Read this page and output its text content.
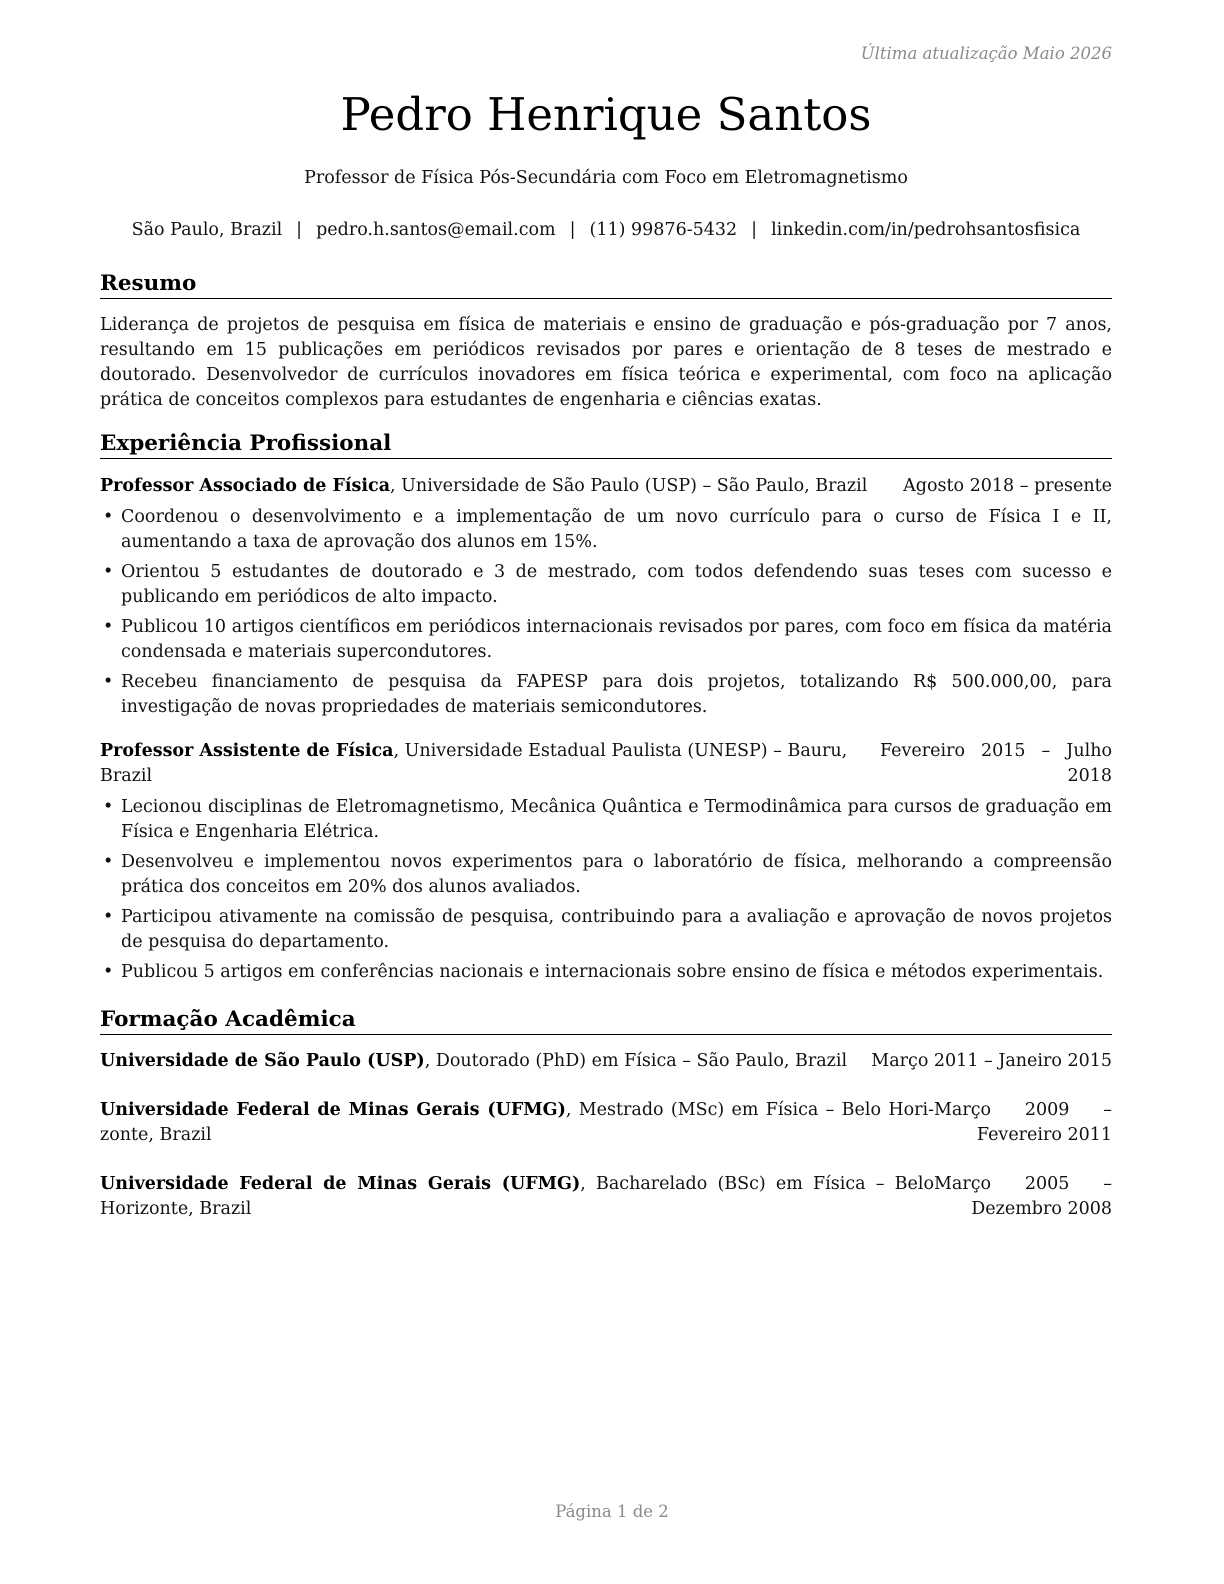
Última atualização Maio 2026
Pedro Henrique Santos
Professor de Física Pós-Secundária com Foco em Eletromagnetismo
São Paulo, Brazil | pedro.h.santos@email.com | (11) 99876-5432 | linkedin.com/in/pedrohsantosfisica
Resumo
Liderança de projetos de pesquisa em física de materiais e ensino de graduação e pós-graduação por 7 anos, resultando em 15 publicações em periódicos revisados por pares e orientação de 8 teses de mestrado e doutorado. Desenvolvedor de currículos inovadores em física teórica e experimental, com foco na aplicação prática de conceitos complexos para estudantes de engenharia e ciências exatas.
Experiência Profissional
Professor Associado de Física, Universidade de São Paulo (USP) – São Paulo, Brazil	Agosto 2018 – presente
• Coordenou o desenvolvimento e a implementação de um novo currículo para o curso de Física I e II, aumentando a taxa de aprovação dos alunos em 15%.
• Orientou 5 estudantes de doutorado e 3 de mestrado, com todos defendendo suas teses com sucesso e publicando em periódicos de alto impacto.
• Publicou 10 artigos científicos em periódicos internacionais revisados por pares, com foco em física da matéria condensada e materiais supercondutores.
• Recebeu financiamento de pesquisa da FAPESP para dois projetos, totalizando R$ 500.000,00, para investigação de novas propriedades de materiais semicondutores.
Professor Assistente de Física, Universidade Estadual Paulista (UNESP) – Bauru, Brazil
Fevereiro 2015 – Julho 2018
• Lecionou disciplinas de Eletromagnetismo, Mecânica Quântica e Termodinâmica para cursos de graduação em Física e Engenharia Elétrica.
• Desenvolveu e implementou novos experimentos para o laboratório de física, melhorando a compreensão prática dos conceitos em 20% dos alunos avaliados.
• Participou ativamente na comissão de pesquisa, contribuindo para a avaliação e aprovação de novos projetos de pesquisa do departamento.
• Publicou 5 artigos em conferências nacionais e internacionais sobre ensino de física e métodos experimentais.
Formação Acadêmica
Universidade de São Paulo (USP), Doutorado (PhD) em Física – São Paulo, Brazil	Março 2011 – Janeiro 2015
Universidade Federal de Minas Gerais (UFMG), Mestrado (MSc) em Física – Belo Hori-zonte, Brazil
Março 2009 – Fevereiro 2011
Universidade Federal de Minas Gerais (UFMG), Bacharelado (BSc) em Física – Belo Horizonte, Brazil
Março 2005 – Dezembro 2008
Página 1 de 2
